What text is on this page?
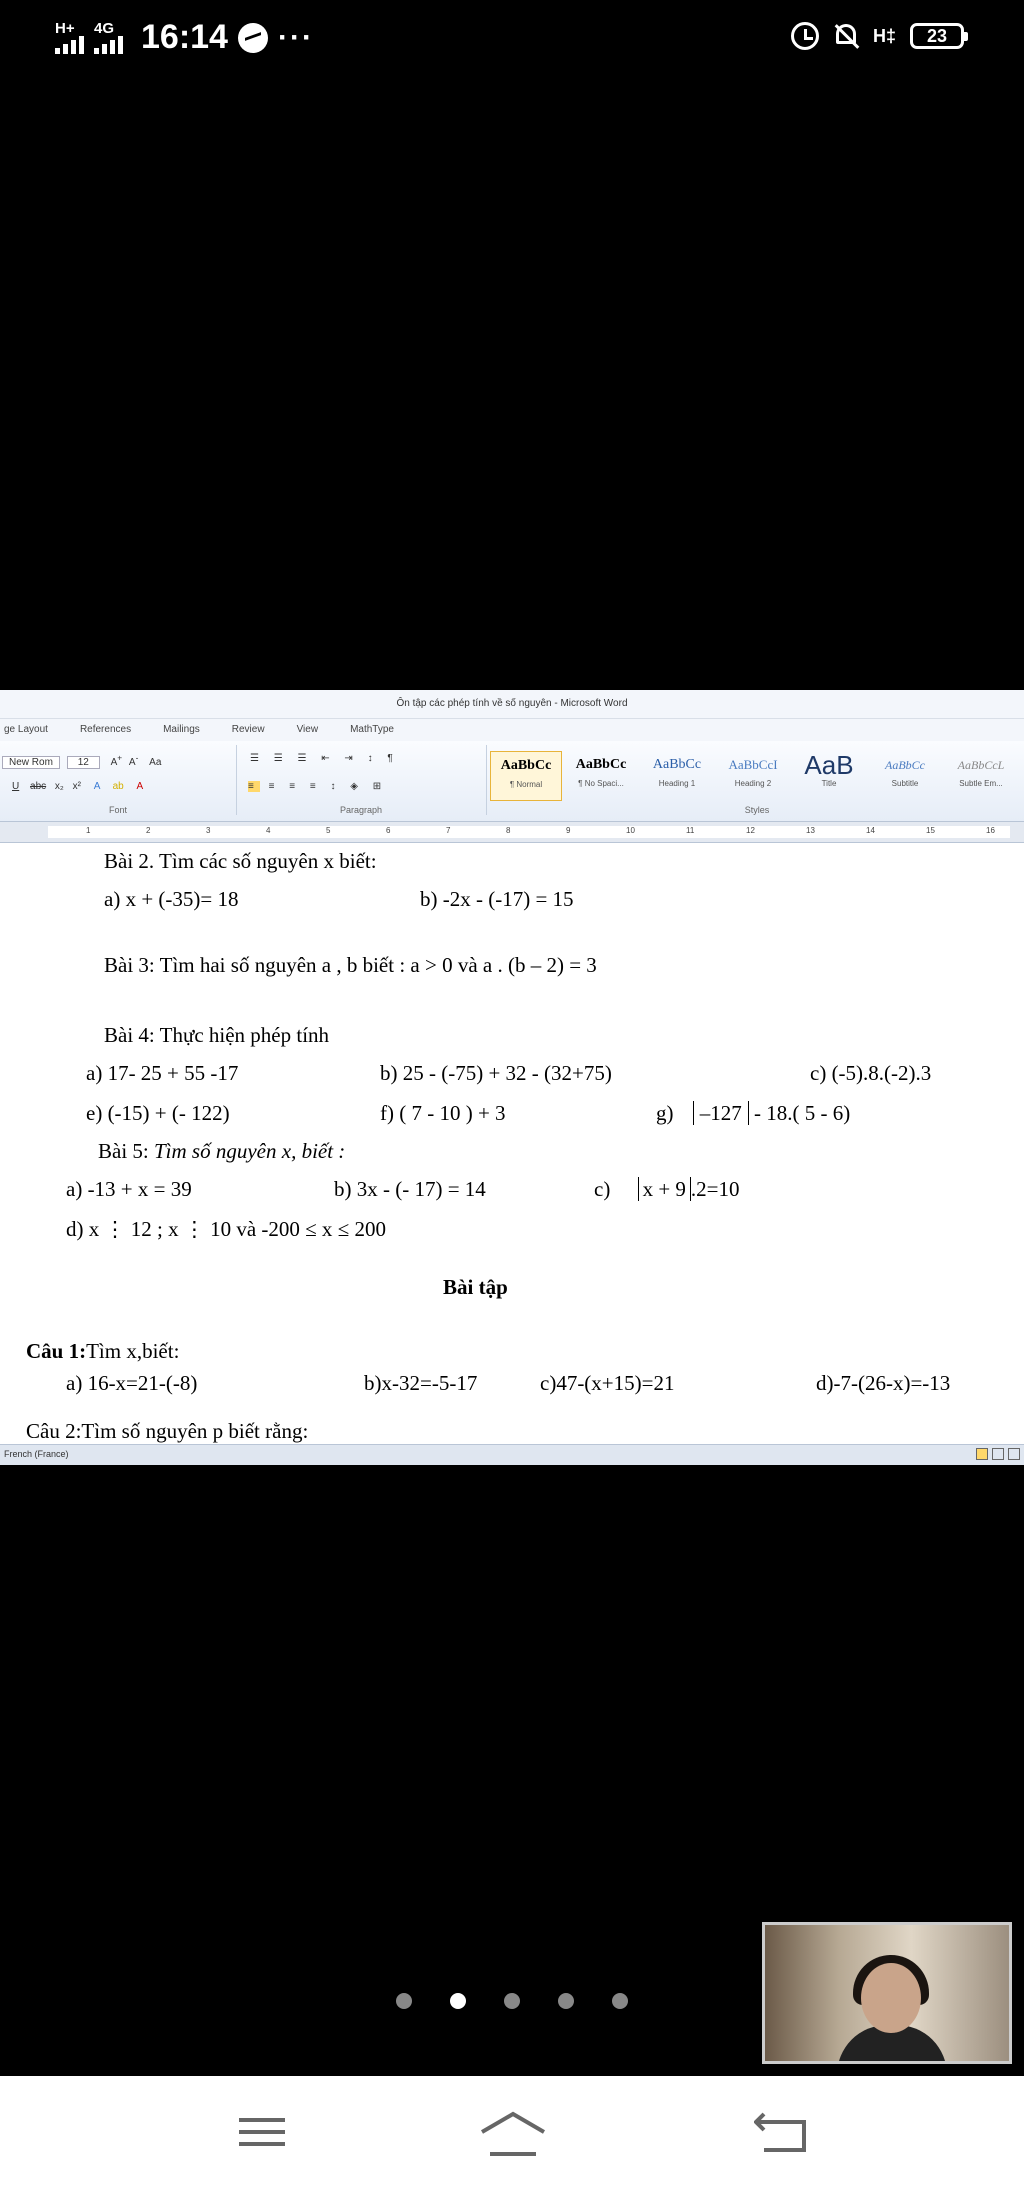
H+ 4G 16:14 ···	H‡	23
Ôn tập các phép tính về số nguyên - Microsoft Word
ge Layout	References	Mailings	Review	View	MathType
New Rom 12 A+ A- Aa
U abc x₂ x² A ab A
Font
☰ ☰ ☰ ⇤ ⇥ ↕ ¶
≡ ≡ ≡ ≡ ↕ ◈ ⊞
Paragraph
AaBbCc
¶ Normal
AaBbCc
¶ No Spaci...
AaBbCc
Heading 1
AaBbCcI
Heading 2
AaB
Title
AaBbCc
Subtitle
AaBbCcL
Subtle Em...
Styles
1	2	3	4	5	6	7	8	9	10	11	12	13	14	15	16
Bài 2. Tìm các số nguyên x biết:
a) x + (-35)= 18	b) -2x - (-17) = 15
Bài 3: Tìm hai số nguyên a , b biết : a > 0 và a . (b – 2) = 3
Bài 4: Thực hiện phép tính
a) 17- 25 + 55 -17	b) 25 - (-75) + 32 - (32+75)	c) (-5).8.(-2).3
e) (-15) + (- 122)	f) ( 7 - 10 ) + 3	g) –127 - 18.( 5 - 6)
Bài 5: Tìm số nguyên x, biết :
a) -13 + x = 39	b) 3x - (- 17) = 14	c) x + 9 .2=10
d) x ⋮ 12 ; x ⋮ 10 và -200 ≤ x ≤ 200
Bài tập
Câu 1:Tìm x,biết:
a) 16-x=21-(-8)	b)x-32=-5-17	c)47-(x+15)=21	d)-7-(26-x)=-13
Câu 2:Tìm số nguyên p biết rằng:
French (France)
